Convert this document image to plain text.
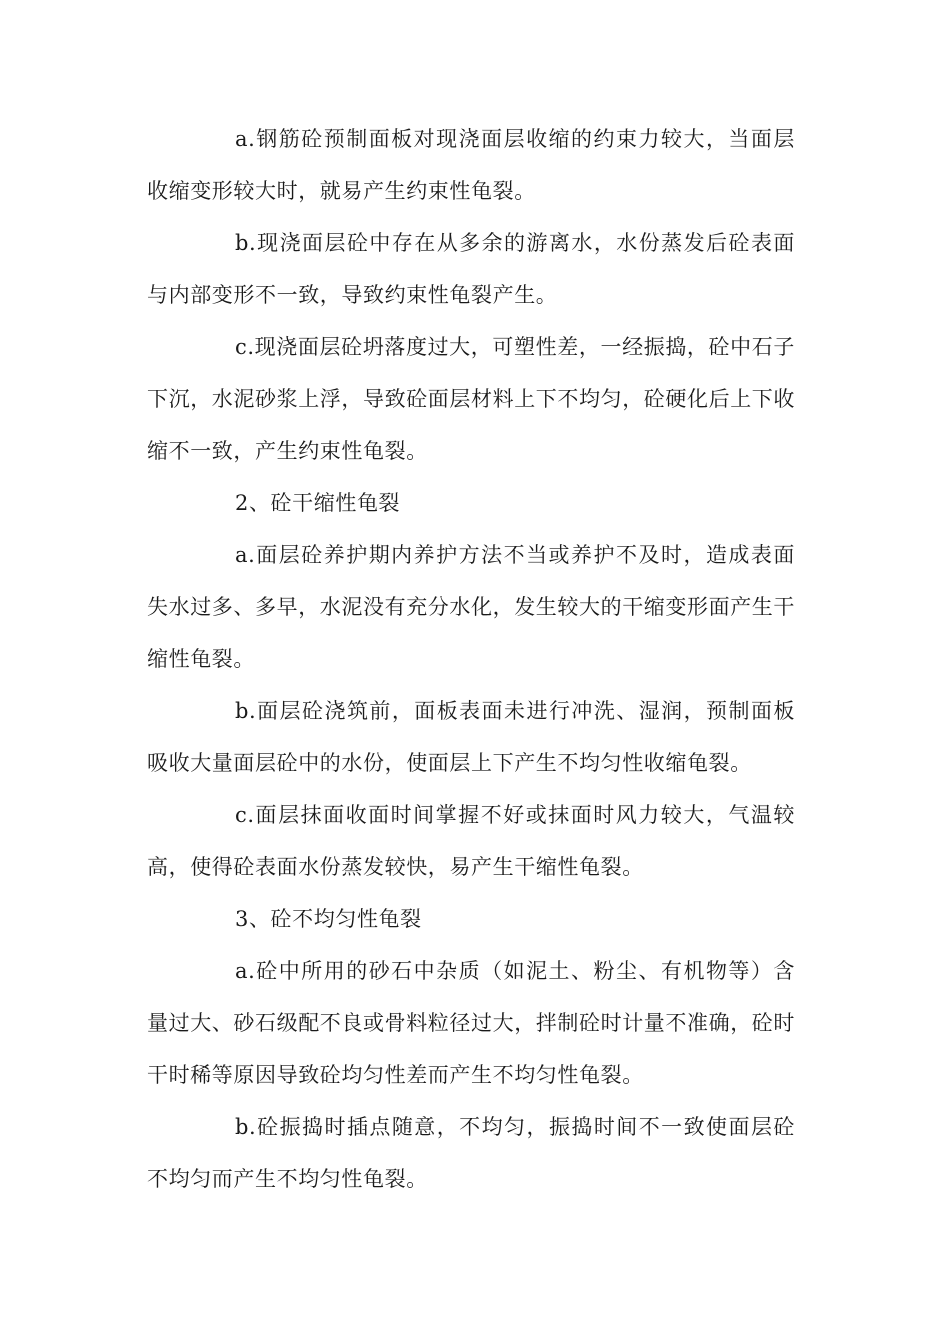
a.钢筋砼预制面板对现浇面层收缩的约束力较大，当面层收缩变形较大时，就易产生约束性龟裂。

b.现浇面层砼中存在从多余的游离水，水份蒸发后砼表面与内部变形不一致，导致约束性龟裂产生。

c.现浇面层砼坍落度过大，可塑性差，一经振捣，砼中石子下沉，水泥砂浆上浮，导致砼面层材料上下不均匀，砼硬化后上下收缩不一致，产生约束性龟裂。

2、砼干缩性龟裂

a.面层砼养护期内养护方法不当或养护不及时，造成表面失水过多、多早，水泥没有充分水化，发生较大的干缩变形面产生干缩性龟裂。

b.面层砼浇筑前，面板表面未进行冲洗、湿润，预制面板吸收大量面层砼中的水份，使面层上下产生不均匀性收缩龟裂。

c.面层抹面收面时间掌握不好或抹面时风力较大，气温较高，使得砼表面水份蒸发较快，易产生干缩性龟裂。

3、砼不均匀性龟裂

a.砼中所用的砂石中杂质（如泥土、粉尘、有机物等）含量过大、砂石级配不良或骨料粒径过大，拌制砼时计量不准确，砼时干时稀等原因导致砼均匀性差而产生不均匀性龟裂。

b.砼振捣时插点随意，不均匀，振捣时间不一致使面层砼不均匀而产生不均匀性龟裂。
